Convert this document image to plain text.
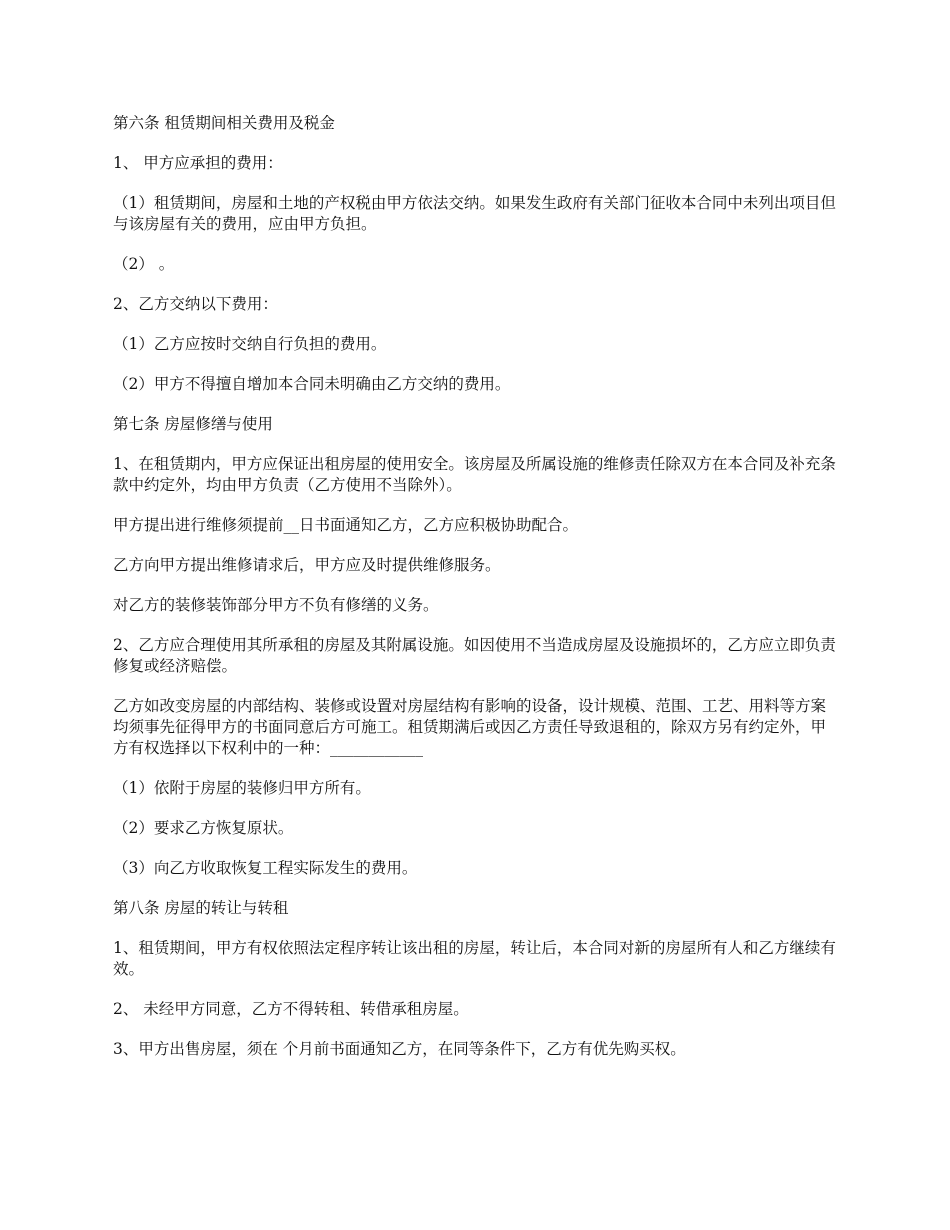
第六条 租赁期间相关费用及税金

1、 甲方应承担的费用：

（1）租赁期间，房屋和土地的产权税由甲方依法交纳。如果发生政府有关部门征收本合同中未列出项目但与该房屋有关的费用，应由甲方负担。

（2） 。

2、乙方交纳以下费用：

（1）乙方应按时交纳自行负担的费用。

（2）甲方不得擅自增加本合同未明确由乙方交纳的费用。

第七条 房屋修缮与使用

1、在租赁期内，甲方应保证出租房屋的使用安全。该房屋及所属设施的维修责任除双方在本合同及补充条款中约定外，均由甲方负责（乙方使用不当除外）。

甲方提出进行维修须提前__日书面通知乙方，乙方应积极协助配合。

乙方向甲方提出维修请求后，甲方应及时提供维修服务。

对乙方的装修装饰部分甲方不负有修缮的义务。

2、乙方应合理使用其所承租的房屋及其附属设施。如因使用不当造成房屋及设施损坏的，乙方应立即负责修复或经济赔偿。

乙方如改变房屋的内部结构、装修或设置对房屋结构有影响的设备，设计规模、范围、工艺、用料等方案均须事先征得甲方的书面同意后方可施工。租赁期满后或因乙方责任导致退租的，除双方另有约定外，甲方有权选择以下权利中的一种：____________

（1）依附于房屋的装修归甲方所有。

（2）要求乙方恢复原状。

（3）向乙方收取恢复工程实际发生的费用。

第八条 房屋的转让与转租

1、租赁期间，甲方有权依照法定程序转让该出租的房屋，转让后，本合同对新的房屋所有人和乙方继续有效。

2、 未经甲方同意，乙方不得转租、转借承租房屋。

3、甲方出售房屋，须在 个月前书面通知乙方，在同等条件下，乙方有优先购买权。
